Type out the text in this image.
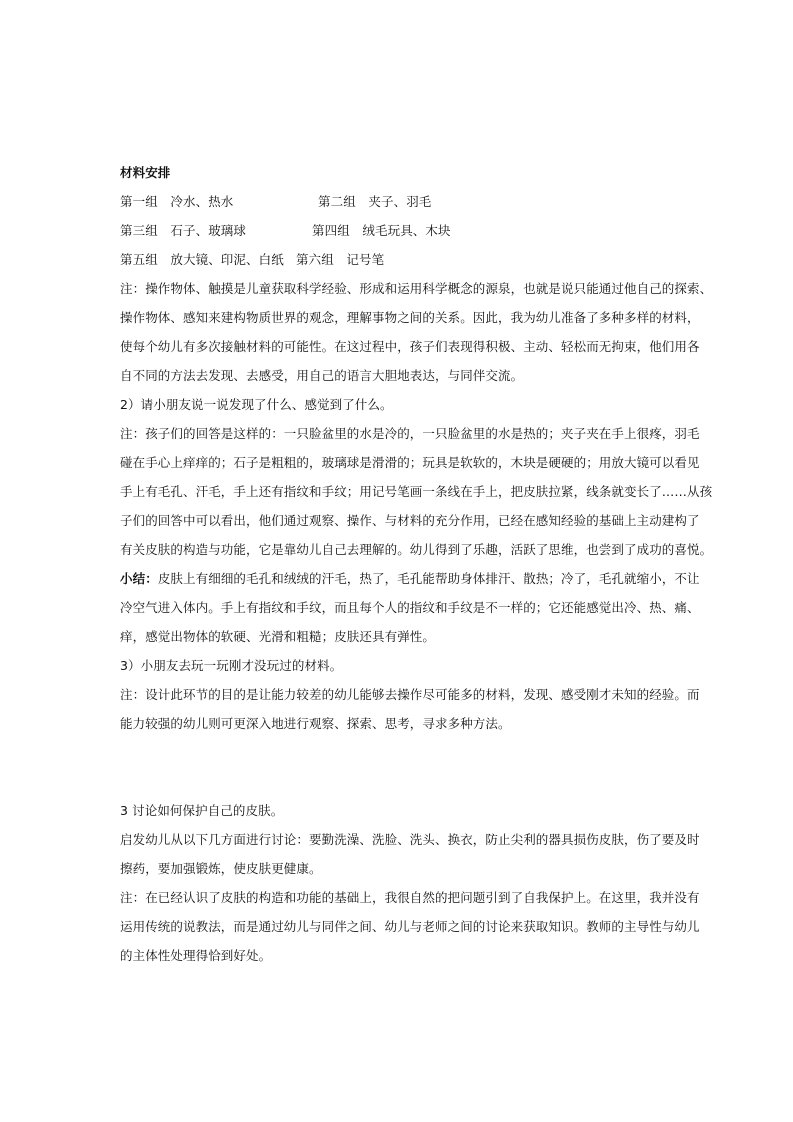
材料安排
第一组　冷水、热水	第二组　夹子、羽毛
第三组　石子、玻璃球	第四组　绒毛玩具、木块
第五组　放大镜、印泥、白纸 第六组　记号笔
注：操作物体、触摸是儿童获取科学经验、形成和运用科学概念的源泉，也就是说只能通过他自己的探索、
操作物体、感知来建构物质世界的观念，理解事物之间的关系。因此，我为幼儿准备了多种多样的材料，
使每个幼儿有多次接触材料的可能性。在这过程中，孩子们表现得积极、主动、轻松而无拘束，他们用各
自不同的方法去发现、去感受，用自己的语言大胆地表达，与同伴交流。
2）请小朋友说一说发现了什么、感觉到了什么。
注：孩子们的回答是这样的：一只脸盆里的水是冷的，一只脸盆里的水是热的；夹子夹在手上很疼，羽毛
碰在手心上痒痒的；石子是粗粗的，玻璃球是滑滑的；玩具是软软的，木块是硬硬的；用放大镜可以看见
手上有毛孔、汗毛，手上还有指纹和手纹；用记号笔画一条线在手上，把皮肤拉紧，线条就变长了……从孩
子们的回答中可以看出，他们通过观察、操作、与材料的充分作用，已经在感知经验的基础上主动建构了
有关皮肤的构造与功能，它是靠幼儿自己去理解的。幼儿得到了乐趣，活跃了思维，也尝到了成功的喜悦。
小结：皮肤上有细细的毛孔和绒绒的汗毛，热了，毛孔能帮助身体排汗、散热；冷了，毛孔就缩小，不让
冷空气进入体内。手上有指纹和手纹，而且每个人的指纹和手纹是不一样的；它还能感觉出冷、热、痛、
痒，感觉出物体的软硬、光滑和粗糙；皮肤还具有弹性。
3）小朋友去玩一玩刚才没玩过的材料。
注：设计此环节的目的是让能力较差的幼儿能够去操作尽可能多的材料，发现、感受刚才未知的经验。而
能力较强的幼儿则可更深入地进行观察、探索、思考，寻求多种方法。
3 讨论如何保护自己的皮肤。
启发幼儿从以下几方面进行讨论：要勤洗澡、洗脸、洗头、换衣，防止尖利的器具损伤皮肤，伤了要及时
擦药，要加强锻炼，使皮肤更健康。
注：在已经认识了皮肤的构造和功能的基础上，我很自然的把问题引到了自我保护上。在这里，我并没有
运用传统的说教法，而是通过幼儿与同伴之间、幼儿与老师之间的讨论来获取知识。教师的主导性与幼儿
的主体性处理得恰到好处。
